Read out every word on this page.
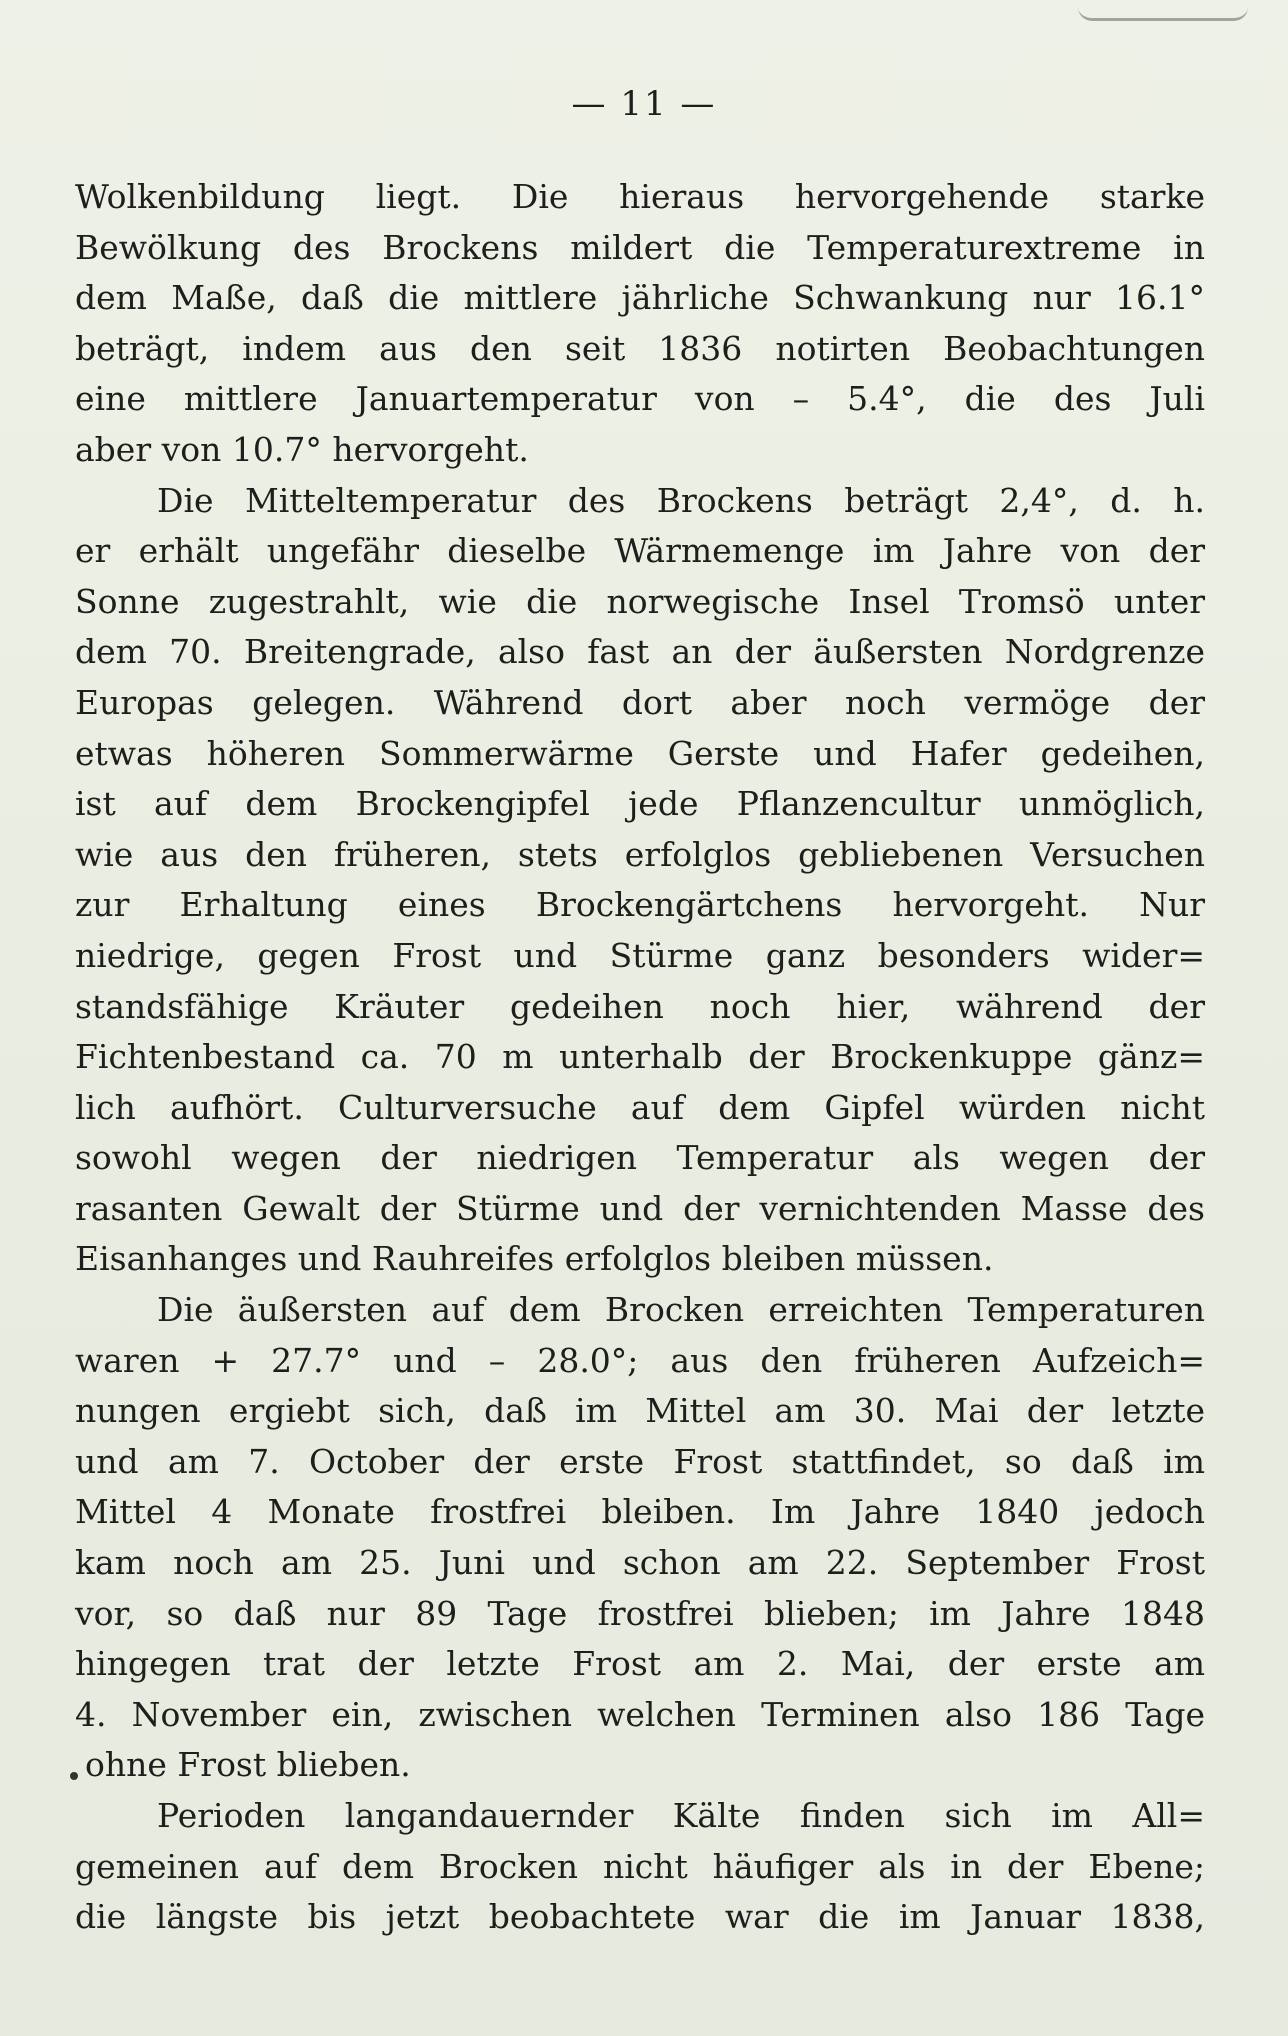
— 11 —
Wolkenbildung liegt. Die hieraus hervorgehende starke
Bewölkung des Brockens mildert die Temperaturextreme in
dem Maße, daß die mittlere jährliche Schwankung nur 16.1°
beträgt, indem aus den seit 1836 notirten Beobachtungen
eine mittlere Januartemperatur von – 5.4°, die des Juli
aber von 10.7° hervorgeht.
Die Mitteltemperatur des Brockens beträgt 2,4°, d. h.
er erhält ungefähr dieselbe Wärmemenge im Jahre von der
Sonne zugestrahlt, wie die norwegische Insel Tromsö unter
dem 70. Breitengrade, also fast an der äußersten Nordgrenze
Europas gelegen. Während dort aber noch vermöge der
etwas höheren Sommerwärme Gerste und Hafer gedeihen,
ist auf dem Brockengipfel jede Pflanzencultur unmöglich,
wie aus den früheren, stets erfolglos gebliebenen Versuchen
zur Erhaltung eines Brockengärtchens hervorgeht. Nur
niedrige, gegen Frost und Stürme ganz besonders wider=
standsfähige Kräuter gedeihen noch hier, während der
Fichtenbestand ca. 70 m unterhalb der Brockenkuppe gänz=
lich aufhört. Culturversuche auf dem Gipfel würden nicht
sowohl wegen der niedrigen Temperatur als wegen der
rasanten Gewalt der Stürme und der vernichtenden Masse des
Eisanhanges und Rauhreifes erfolglos bleiben müssen.
Die äußersten auf dem Brocken erreichten Temperaturen
waren + 27.7° und – 28.0°; aus den früheren Aufzeich=
nungen ergiebt sich, daß im Mittel am 30. Mai der letzte
und am 7. October der erste Frost stattfindet, so daß im
Mittel 4 Monate frostfrei bleiben. Im Jahre 1840 jedoch
kam noch am 25. Juni und schon am 22. September Frost
vor, so daß nur 89 Tage frostfrei blieben; im Jahre 1848
hingegen trat der letzte Frost am 2. Mai, der erste am
4. November ein, zwischen welchen Terminen also 186 Tage
ohne Frost blieben.
Perioden langandauernder Kälte finden sich im All=
gemeinen auf dem Brocken nicht häufiger als in der Ebene;
die längste bis jetzt beobachtete war die im Januar 1838,
